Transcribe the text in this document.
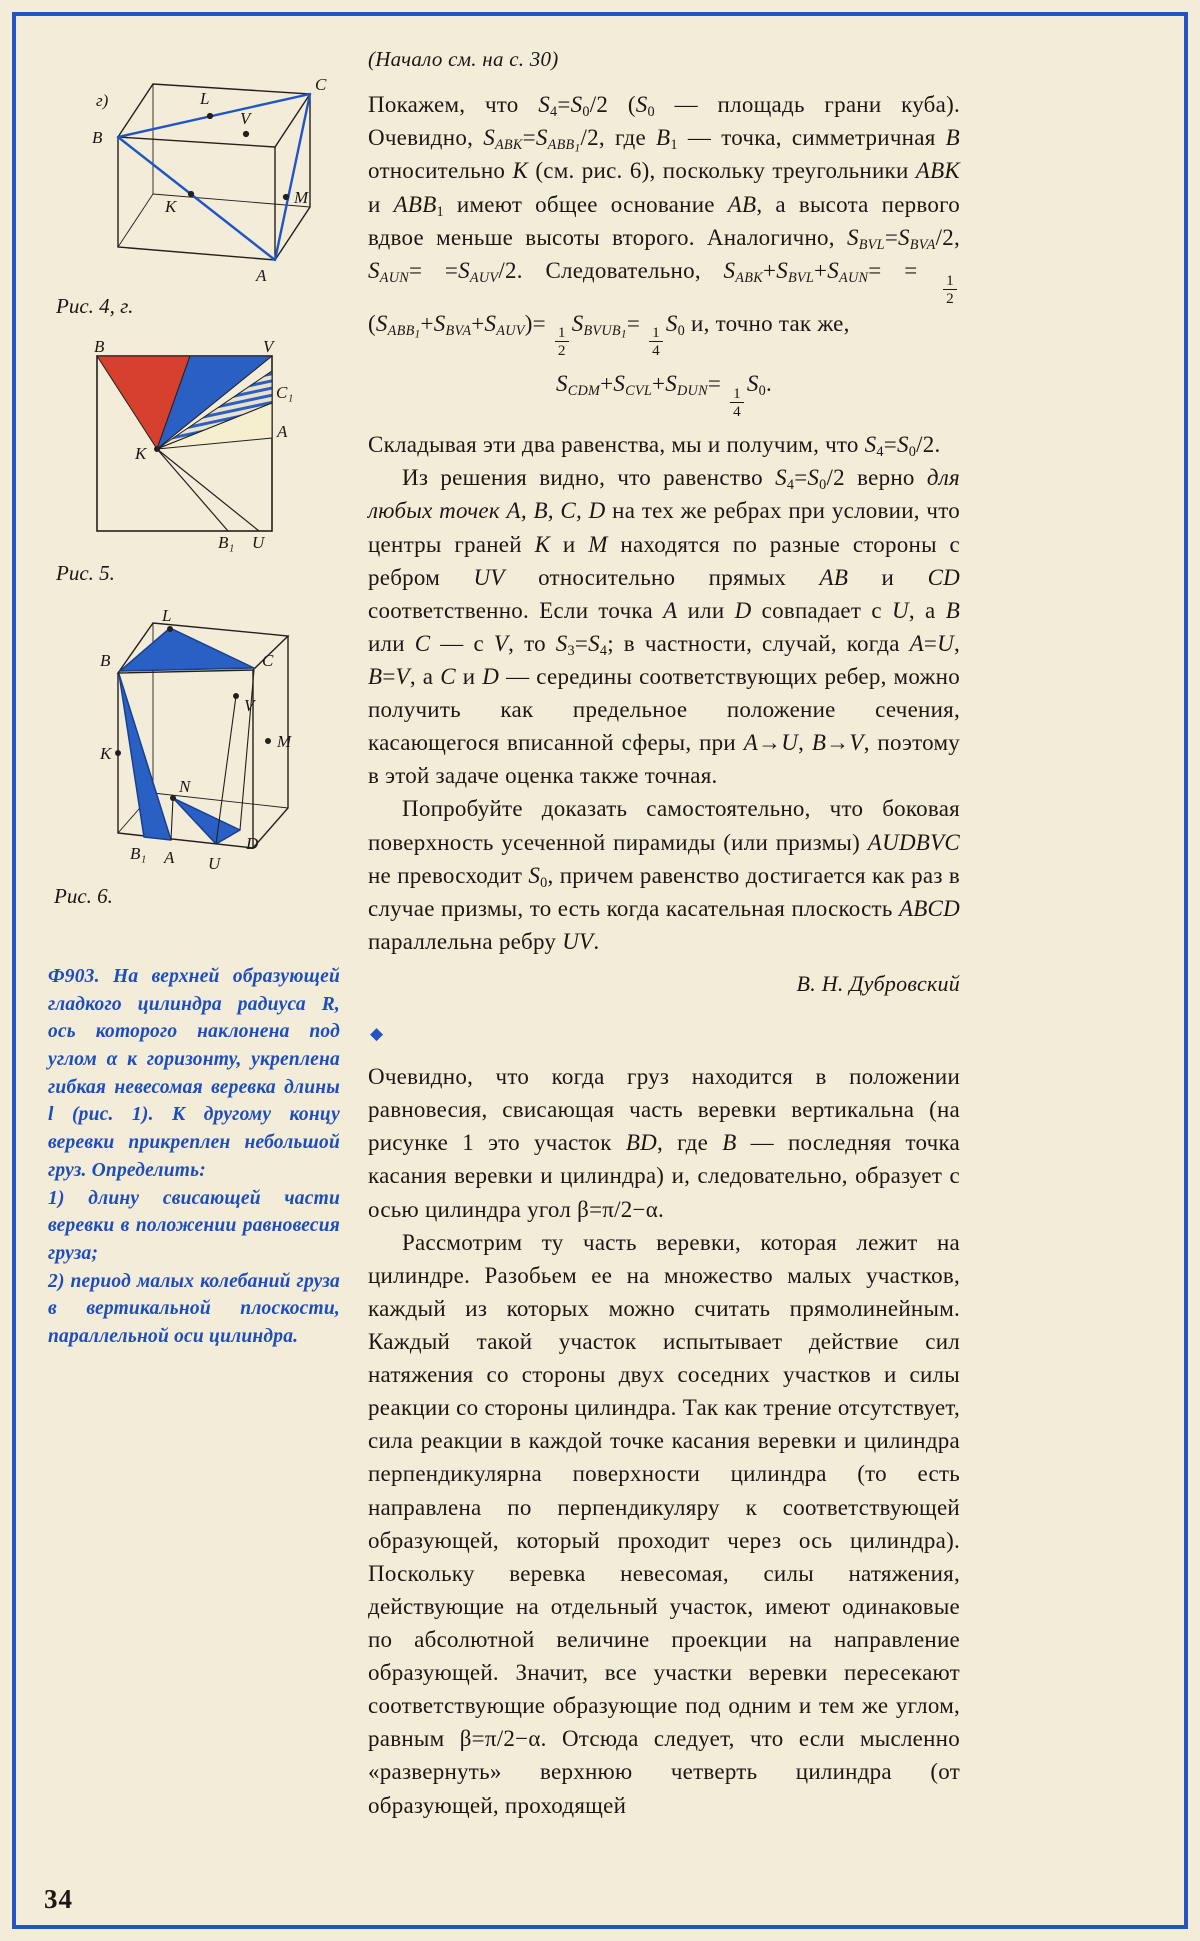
г)
B
L
C
V
M
K
A
Рис. 4, г.
B	V
C₁
A
K
B₁ U
Рис. 5.
L
B	C
V
M
K
N
B₁ A U
D
Рис. 6.

Ф903. На верхней образующей гладкого цилиндра радиуса R, ось которого наклонена под углом α к горизонту, укреплена гибкая невесомая веревка длины l (рис. 1). К другому концу веревки прикреплен небольшой груз. Определить:

1) длину свисающей части веревки в положении равновесия груза;

2) период малых колебаний груза в вертикальной плоскости, параллельной оси цилиндра.

(Начало см. на с. 30)

Покажем, что $S_4=S_0/2$ ($S_0$ — площадь грани куба). Очевидно, $S_{ABK}=S_{ABB_1}/2$, где $B_1$ — точка, симметричная B относительно K (см. рис. 6), поскольку треугольники ABK и $ABB_1$ имеют общее основание AB, а высота первого вдвое меньше высоты второго. Аналогично, $S_{BVL}=S_{BVA}/2$, $S_{AUN}= =S_{AUV}/2$. Следовательно, $S_{ABK}+S_{BVL}+S_{AUN}=$ =
$\frac{1}{2}$
$(S_{ABB_1}+S_{BVA}+S_{AUV})=$
$\frac{1}{2}$
$S_{BVUB_1}=$
$\frac{1}{4}$
$S_0$ и, точно так же,

$S_{CDM}+S_{CVL}+S_{DUN}=$
$\frac{1}{4}$
$S_0$.

Складывая эти два равенства, мы и получим, что $S_4=S_0/2$.

Из решения видно, что равенство $S_4=S_0/2$ верно для любых точек A, B, C, D на тех же ребрах при условии, что центры граней K и M находятся по разные стороны с ребром UV относительно прямых AB и CD соответственно. Если точка A или D совпадает с U, а B или C — с V, то $S_3=S_4$; в частности, случай, когда A=U, B=V, а C и D — середины соответствующих ребер, можно получить как предельное положение сечения, касающегося вписанной сферы, при A→U, B→V, поэтому в этой задаче оценка также точная.

Попробуйте доказать самостоятельно, что боковая поверхность усеченной пирамиды (или призмы) AUDBVC не превосходит $S_0$, причем равенство достигается как раз в случае призмы, то есть когда касательная плоскость ABCD параллельна ребру UV.

В. Н. Дубровский
◆

Очевидно, что когда груз находится в положении равновесия, свисающая часть веревки вертикальна (на рисунке 1 это участок BD, где B — последняя точка касания веревки и цилиндра) и, следовательно, образует с осью цилиндра угол β=π/2−α.

Рассмотрим ту часть веревки, которая лежит на цилиндре. Разобьем ее на множество малых участков, каждый из которых можно считать прямолинейным. Каждый такой участок испытывает действие сил натяжения со стороны двух соседних участков и силы реакции со стороны цилиндра. Так как трение отсутствует, сила реакции в каждой точке касания веревки и цилиндра перпендикулярна поверхности цилиндра (то есть направлена по перпендикуляру к соответствующей образующей, который проходит через ось цилиндра). Поскольку веревка невесомая, силы натяжения, действующие на отдельный участок, имеют одинаковые по абсолютной величине проекции на направление образующей. Значит, все участки веревки пересекают соответствующие образующие под одним и тем же углом, равным β=π/2−α. Отсюда следует, что если мысленно «развернуть» верхнюю четверть цилиндра (от образующей, проходящей

34
